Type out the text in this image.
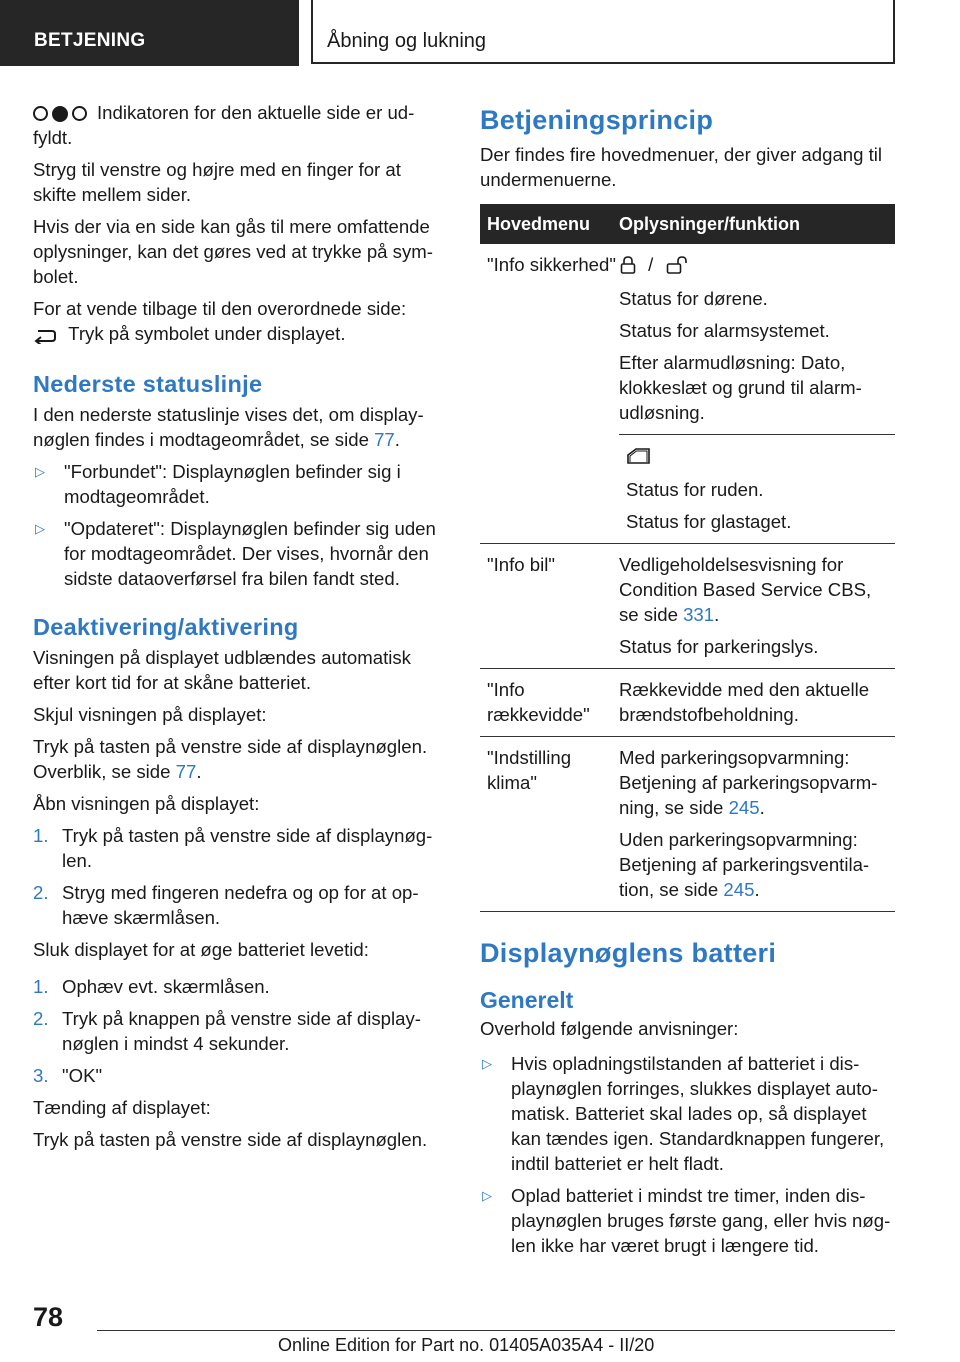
BETJENING	Åbning og lukning

Indikatoren for den aktuelle side er ud‐fyldt.

Stryg til venstre og højre med en finger for at skifte mellem sider.

Hvis der via en side kan gås til mere omfattende oplysninger, kan det gøres ved at trykke på sym‐bolet.

For at vende tilbage til den overordnede side:
Tryk på symbolet under displayet.

Nederste statuslinje

I den nederste statuslinje vises det, om display‐nøglen findes i modtageområdet, se side 77.

▷	"Forbundet": Displaynøglen befinder sig i modtageområdet.
▷	"Opdateret": Displaynøglen befinder sig uden for modtageområdet. Der vises, hvornår den sidste dataoverførsel fra bilen fandt sted.
Deaktivering/aktivering

Visningen på displayet udblændes automatisk efter kort tid for at skåne batteriet.

Skjul visningen på displayet:

Tryk på tasten på venstre side af displaynøglen. Overblik, se side 77.

Åbn visningen på displayet:

1. Tryk på tasten på venstre side af displaynøg‐len.
2. Stryg med fingeren nedefra og op for at op‐hæve skærmlåsen.

Sluk displayet for at øge batteriet levetid:

1. Ophæv evt. skærmlåsen.
2. Tryk på knappen på venstre side af display‐nøglen i mindst 4 sekunder.
3. "OK"

Tænding af displayet:

Tryk på tasten på venstre side af displaynøglen.

Betjeningsprincip

Der findes fire hovedmenuer, der giver adgang til undermenuerne.

Hovedmenu	Oplysninger/funktion
"Info sikkerhed"	/

Status for dørene.

Status for alarmsystemet.

Efter alarmudløsning: Dato, klokkeslæt og grund til alarm‐udløsning.

	Status for ruden.

Status for glastaget.

"Info bil"	Vedligeholdelsesvisning for Condition Based Service CBS, se side 331.

Status for parkeringslys.

"Info rækkevidde"	Rækkevidde med den aktuelle brændstofbeholdning.

"Indstilling klima"	Med parkeringsopvarmning: Betjening af parkeringsopvarm‐ning, se side 245.

Uden parkeringsopvarmning: Betjening af parkeringsventila‐tion, se side 245.

Displaynøglens batteri
Generelt

Overhold følgende anvisninger:

▷	Hvis opladningstilstanden af batteriet i dis‐playnøglen forringes, slukkes displayet auto‐matisk. Batteriet skal lades op, så displayet kan tændes igen. Standardknappen fungerer, indtil batteriet er helt fladt.
▷	Oplad batteriet i mindst tre timer, inden dis‐playnøglen bruges første gang, eller hvis nøg‐len ikke har været brugt i længere tid.
78
Online Edition for Part no. 01405A035A4 - II/20
